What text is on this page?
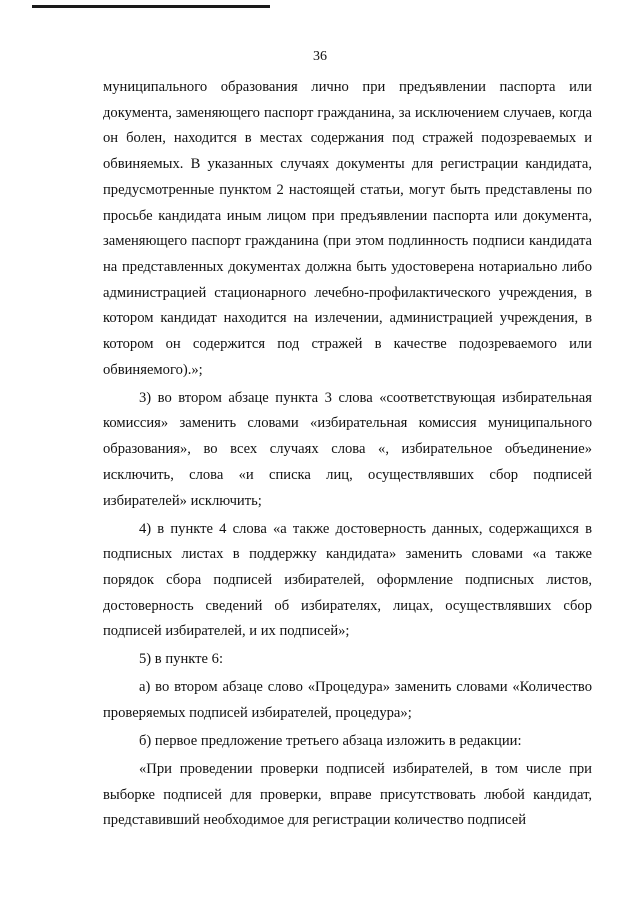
36

муниципального образования лично при предъявлении паспорта или документа, заменяющего паспорт гражданина, за исключением случаев, когда он болен, находится в местах содержания под стражей подозреваемых и обвиняемых. В указанных случаях документы для регистрации кандидата, предусмотренные пунктом 2 настоящей статьи, могут быть представлены по просьбе кандидата иным лицом при предъявлении паспорта или документа, заменяющего паспорт гражданина (при этом подлинность подписи кандидата на представленных документах должна быть удостоверена нотариально либо администрацией стационарного лечебно-профилактического учреждения, в котором кандидат находится на излечении, администрацией учреждения, в котором он содержится под стражей в качестве подозреваемого или обвиняемого).»;

3) во втором абзаце пункта 3 слова «соответствующая избирательная комиссия» заменить словами «избирательная комиссия муниципального образования», во всех случаях слова «, избирательное объединение» исключить, слова «и списка лиц, осуществлявших сбор подписей избирателей» исключить;

4) в пункте 4 слова «а также достоверность данных, содержащихся в подписных листах в поддержку кандидата» заменить словами «а также порядок сбора подписей избирателей, оформление подписных листов, достоверность сведений об избирателях, лицах, осуществлявших сбор подписей избирателей, и их подписей»;

5) в пункте 6:

а) во втором абзаце слово «Процедура» заменить словами «Количество проверяемых подписей избирателей, процедура»;

б) первое предложение третьего абзаца изложить в редакции:

«При проведении проверки подписей избирателей, в том числе при выборке подписей для проверки, вправе присутствовать любой кандидат, представивший необходимое для регистрации количество подписей
